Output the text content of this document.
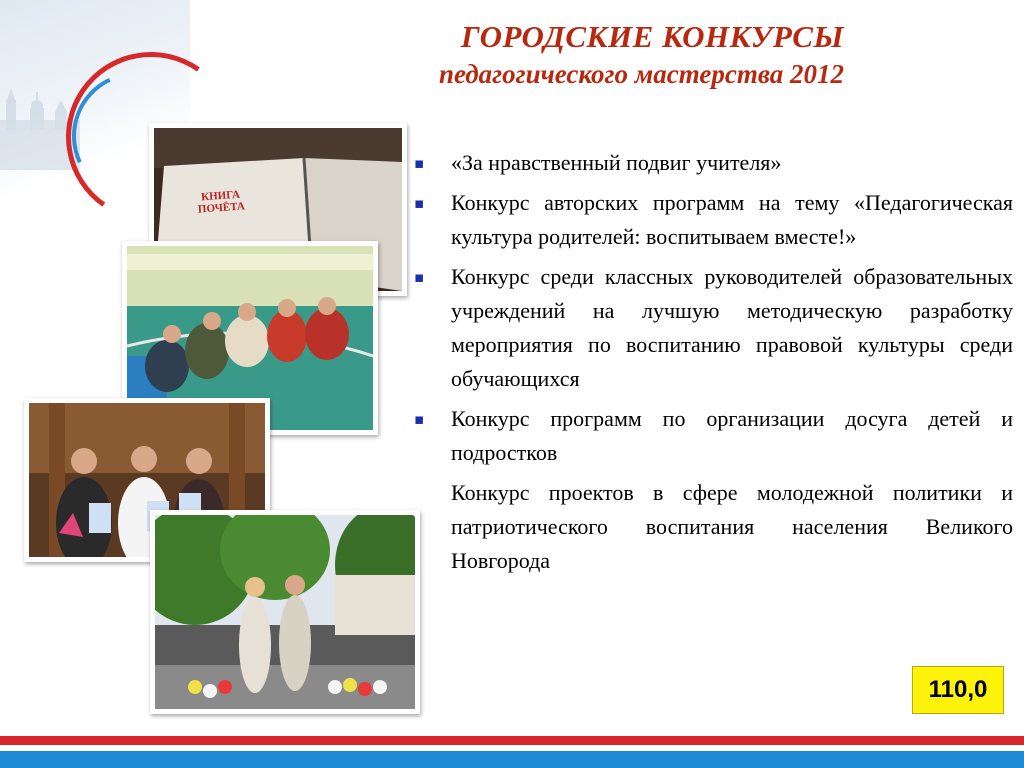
ГОРОДСКИЕ КОНКУРСЫ
педагогического мастерства 2012
КНИГА ПОЧЁТА
▪ «За нравственный подвиг учителя»
▪ Конкурс авторских программ на тему «Педагогическая культура родителей: воспитываем вместе!»
▪ Конкурс среди классных руководителей образовательных учреждений на лучшую методическую разработку мероприятия по воспитанию правовой культуры среди обучающихся
▪ Конкурс программ по организации досуга детей и подростков
Конкурс проектов в сфере молодежной политики и патриотического воспитания населения Великого Новгорода
110,0
